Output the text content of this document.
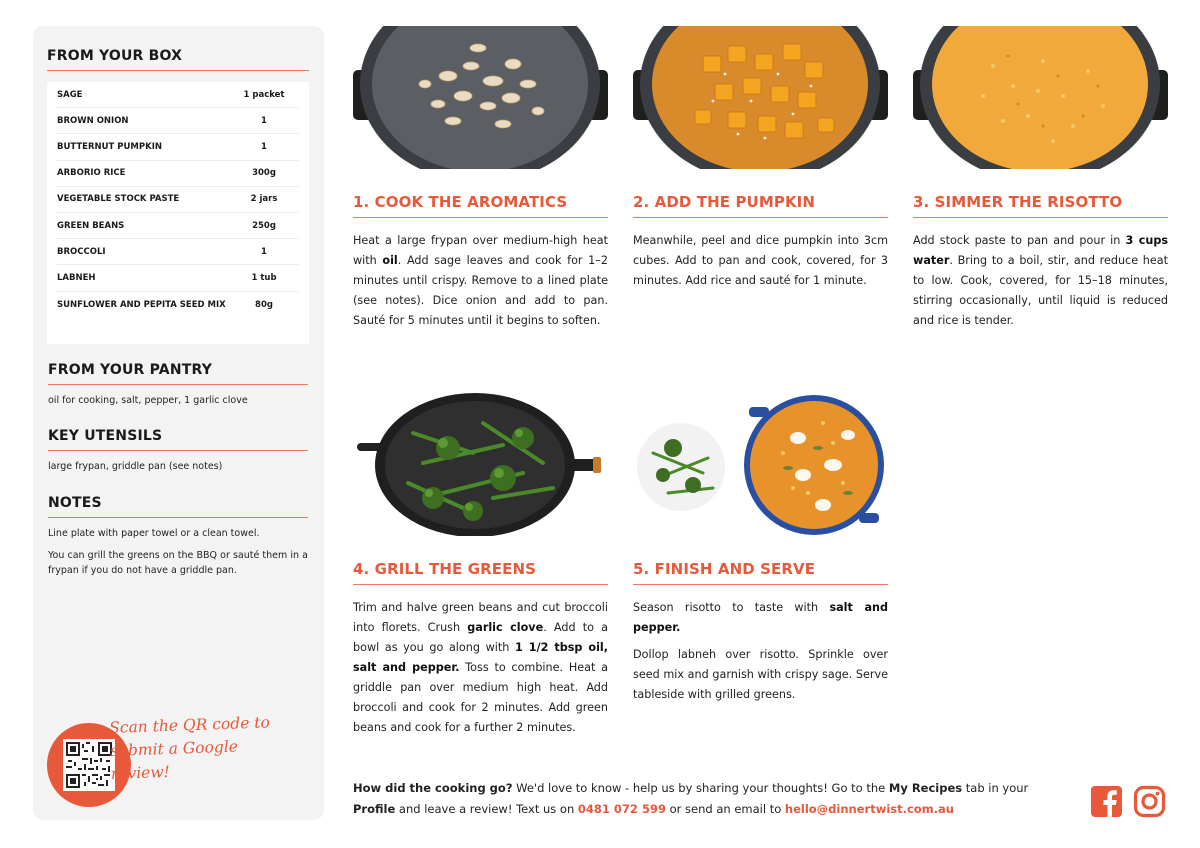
FROM YOUR BOX
SAGE	1 packet
BROWN ONION	1
BUTTERNUT PUMPKIN	1
ARBORIO RICE	300g
VEGETABLE STOCK PASTE	2 jars
GREEN BEANS	250g
BROCCOLI	1
LABNEH	1 tub
SUNFLOWER AND PEPITA SEED MIX	80g
FROM YOUR PANTRY
oil for cooking, salt, pepper, 1 garlic clove
KEY UTENSILS
large frypan, griddle pan (see notes)
NOTES
Line plate with paper towel or a clean towel.
You can grill the greens on the BBQ or sauté them in a frypan if you do not have a griddle pan.
Scan the QR code to submit a Google review!
1. COOK THE AROMATICS

Heat a large frypan over medium-high heat with oil. Add sage leaves and cook for 1–2 minutes until crispy. Remove to a lined plate (see notes). Dice onion and add to pan. Sauté for 5 minutes until it begins to soften.

2. ADD THE PUMPKIN

Meanwhile, peel and dice pumpkin into 3cm cubes. Add to pan and cook, covered, for 3 minutes. Add rice and sauté for 1 minute.

3. SIMMER THE RISOTTO

Add stock paste to pan and pour in 3 cups water. Bring to a boil, stir, and reduce heat to low. Cook, covered, for 15–18 minutes, stirring occasionally, until liquid is reduced and rice is tender.

4. GRILL THE GREENS

Trim and halve green beans and cut broccoli into florets. Crush garlic clove. Add to a bowl as you go along with 1 1/2 tbsp oil, salt and pepper. Toss to combine. Heat a griddle pan over medium high heat. Add broccoli and cook for 2 minutes. Add green beans and cook for a further 2 minutes.

5. FINISH AND SERVE

Season risotto to taste with salt and pepper.

Dollop labneh over risotto. Sprinkle over seed mix and garnish with crispy sage. Serve tableside with grilled greens.

How did the cooking go? We'd love to know - help us by sharing your thoughts! Go to the My Recipes tab in your Profile and leave a review! Text us on 0481 072 599 or send an email to hello@dinnertwist.com.au
